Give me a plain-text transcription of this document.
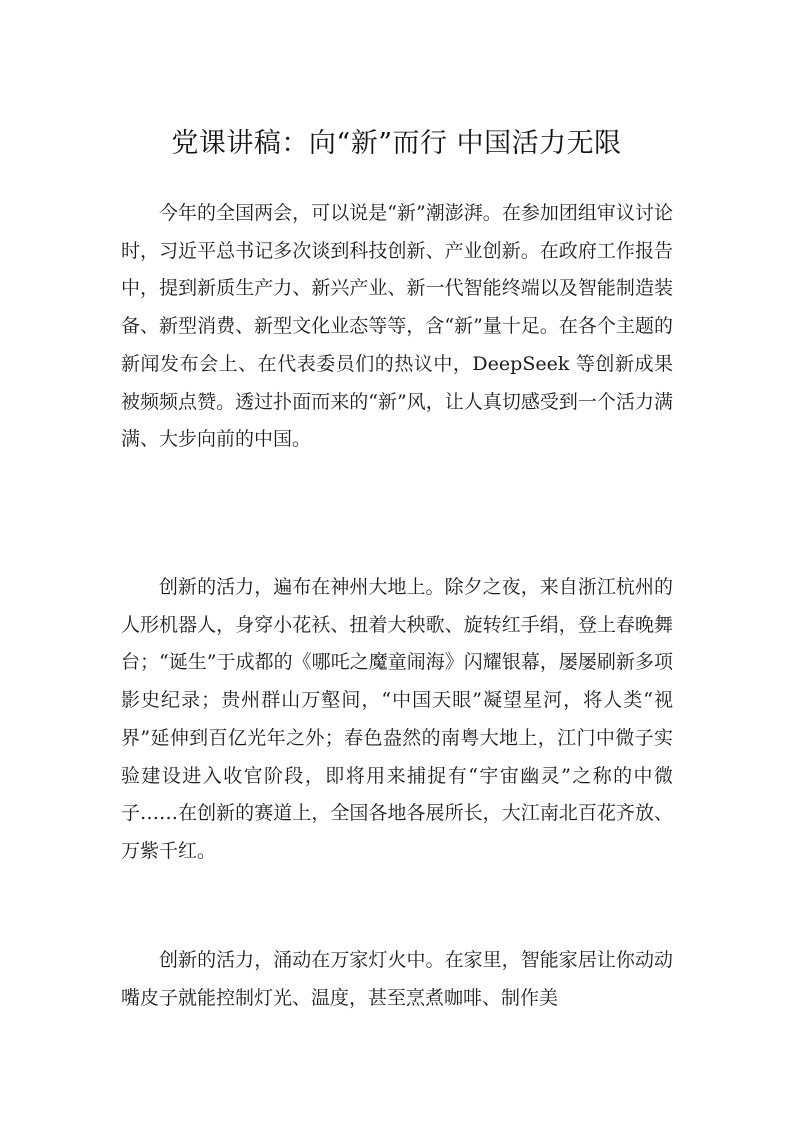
党课讲稿：向“新”而行 中国活力无限

今年的全国两会，可以说是“新”潮澎湃。在参加团组审议讨论时，习近平总书记多次谈到科技创新、产业创新。在政府工作报告中，提到新质生产力、新兴产业、新一代智能终端以及智能制造装备、新型消费、新型文化业态等等，含“新”量十足。在各个主题的新闻发布会上、在代表委员们的热议中，DeepSeek 等创新成果被频频点赞。透过扑面而来的“新”风，让人真切感受到一个活力满满、大步向前的中国。

创新的活力，遍布在神州大地上。除夕之夜，来自浙江杭州的人形机器人，身穿小花袄、扭着大秧歌、旋转红手绢，登上春晚舞台；“诞生”于成都的《哪吒之魔童闹海》闪耀银幕，屡屡刷新多项影史纪录；贵州群山万壑间，“中国天眼”凝望星河，将人类“视界”延伸到百亿光年之外；春色盎然的南粤大地上，江门中微子实验建设进入收官阶段，即将用来捕捉有“宇宙幽灵”之称的中微子……在创新的赛道上，全国各地各展所长，大江南北百花齐放、万紫千红。

创新的活力，涌动在万家灯火中。在家里，智能家居让你动动嘴皮子就能控制灯光、温度，甚至烹煮咖啡、制作美
